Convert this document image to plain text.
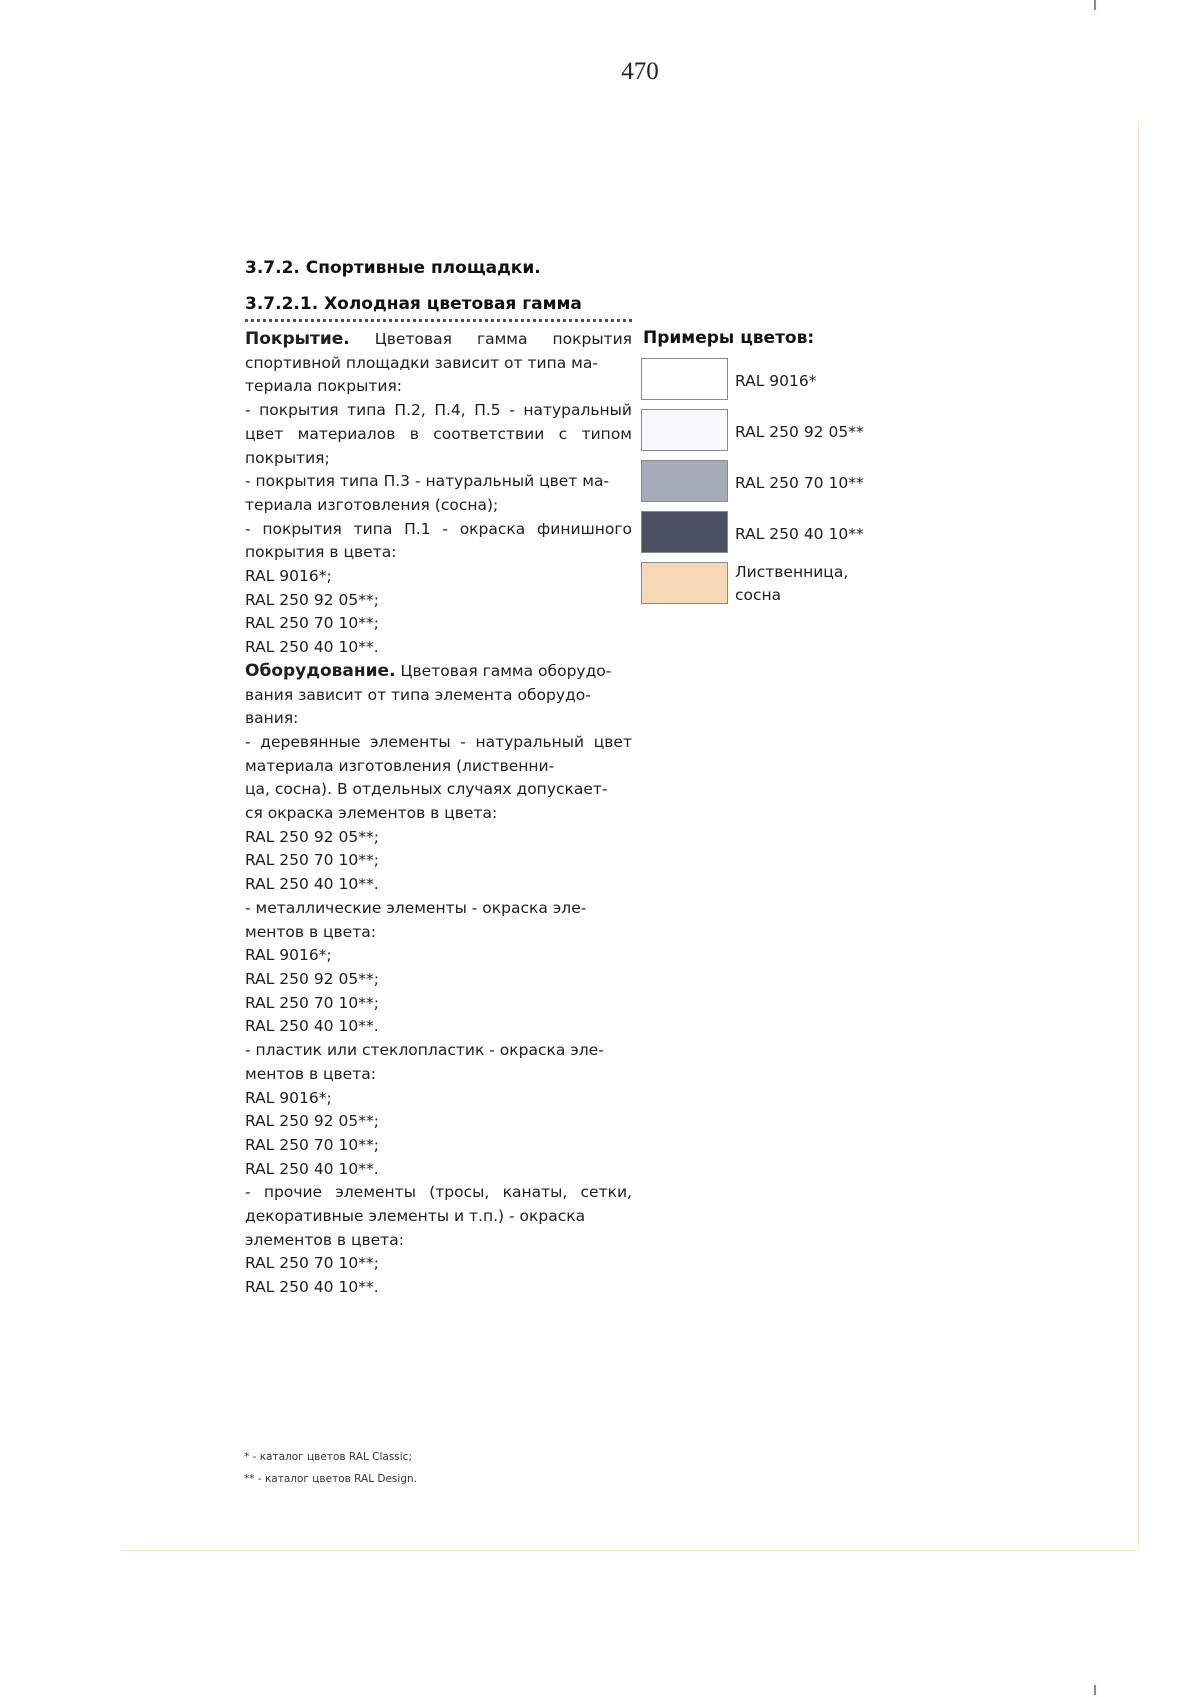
470
3.7.2. Спортивные площадки.
3.7.2.1. Холодная цветовая гамма

Покрытие. Цветовая гамма покрытия спортивной площадки зависит от типа ма-

териала покрытия:

- покрытия типа П.2, П.4, П.5 - натуральный цвет материалов в соответствии с типом покрытия;

- покрытия типа П.3 - натуральный цвет ма-

териала изготовления (сосна);

- покрытия типа П.1 - окраска финишного покрытия в цвета:

RAL 9016*;

RAL 250 92 05**;

RAL 250 70 10**;

RAL 250 40 10**.

Оборудование. Цветовая гамма оборудо-

вания зависит от типа элемента оборудо-

вания:

- деревянные элементы - натуральный цвет материала изготовления (лиственни-

ца, сосна). В отдельных случаях допускает-

ся окраска элементов в цвета:

RAL 250 92 05**;

RAL 250 70 10**;

RAL 250 40 10**.

- металлические элементы - окраска эле-

ментов в цвета:

RAL 9016*;

RAL 250 92 05**;

RAL 250 70 10**;

RAL 250 40 10**.

- пластик или стеклопластик - окраска эле-

ментов в цвета:

RAL 9016*;

RAL 250 92 05**;

RAL 250 70 10**;

RAL 250 40 10**.

- прочие элементы (тросы, канаты, сетки, декоративные элементы и т.п.) - окраска

элементов в цвета:

RAL 250 70 10**;

RAL 250 40 10**.

Примеры цветов:
RAL 9016*
RAL 250 92 05**
RAL 250 70 10**
RAL 250 40 10**
Лиственница, сосна

* - каталог цветов RAL Classic;

** - каталог цветов RAL Design.
